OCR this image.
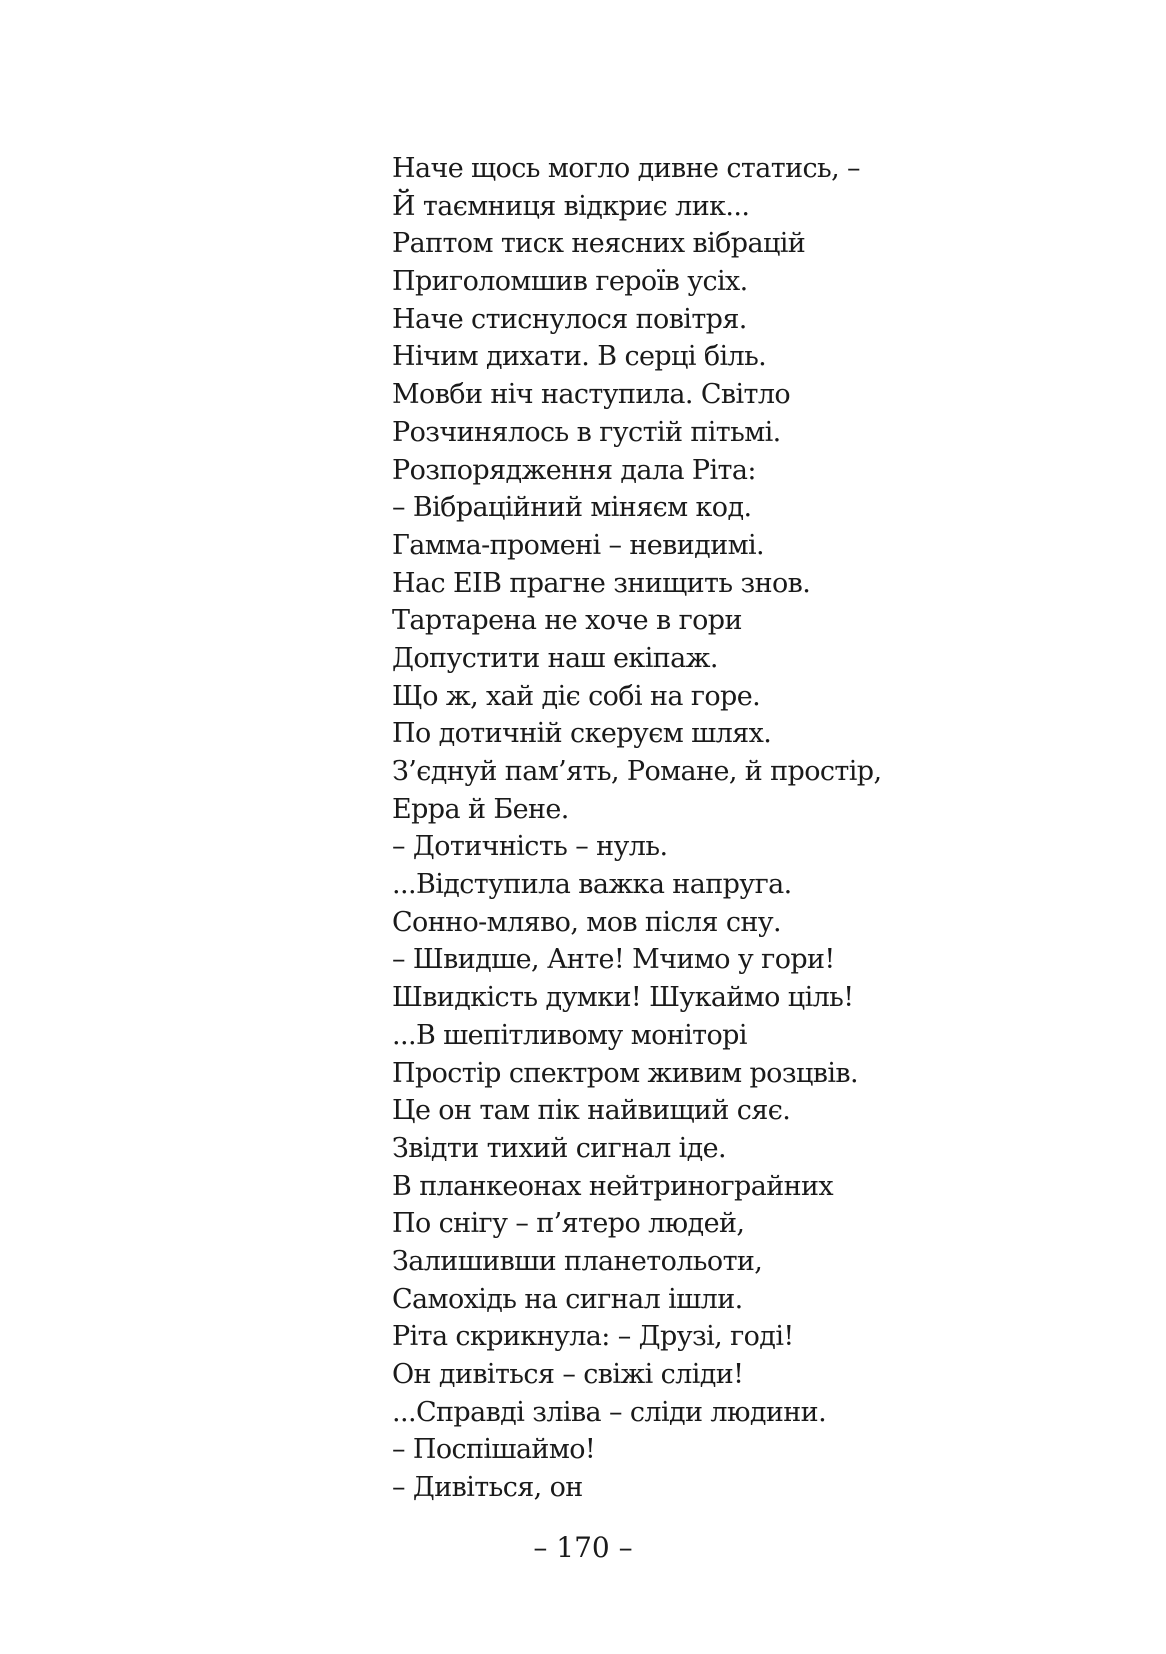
Наче щось могло дивне статись, –
Й таємниця відкриє лик...
Раптом тиск неясних вібрацій
Приголомшив героїв усіх.
Наче стиснулося повітря.
Нічим дихати. В серці біль.
Мовби ніч наступила. Світло
Розчинялось в густій пітьмі.
Розпорядження дала Ріта:
– Вібраційний міняєм код.
Гамма-промені – невидимі.
Нас ЕІВ прагне знищить знов.
Тартарена не хоче в гори
Допустити наш екіпаж.
Що ж, хай діє собі на горе.
По дотичній скеруєм шлях.
З’єднуй пам’ять, Романе, й простір,
Ерра й Бене.
– Дотичність – нуль.
...Відступила важка напруга.
Сонно-мляво, мов після сну.
– Швидше, Анте! Мчимо у гори!
Швидкість думки! Шукаймо ціль!
...В шепітливому моніторі
Простір спектром живим розцвів.
Це он там пік найвищий сяє.
Звідти тихий сигнал іде.
В планкеонах нейтринограйних
По снігу – п’ятеро людей,
Залишивши планетольоти,
Самохідь на сигнал ішли.
Ріта скрикнула: – Друзі, годі!
Он дивіться – свіжі сліди!
...Справді зліва – сліди людини.
– Поспішаймо!
– Дивіться, он
– 170 –
